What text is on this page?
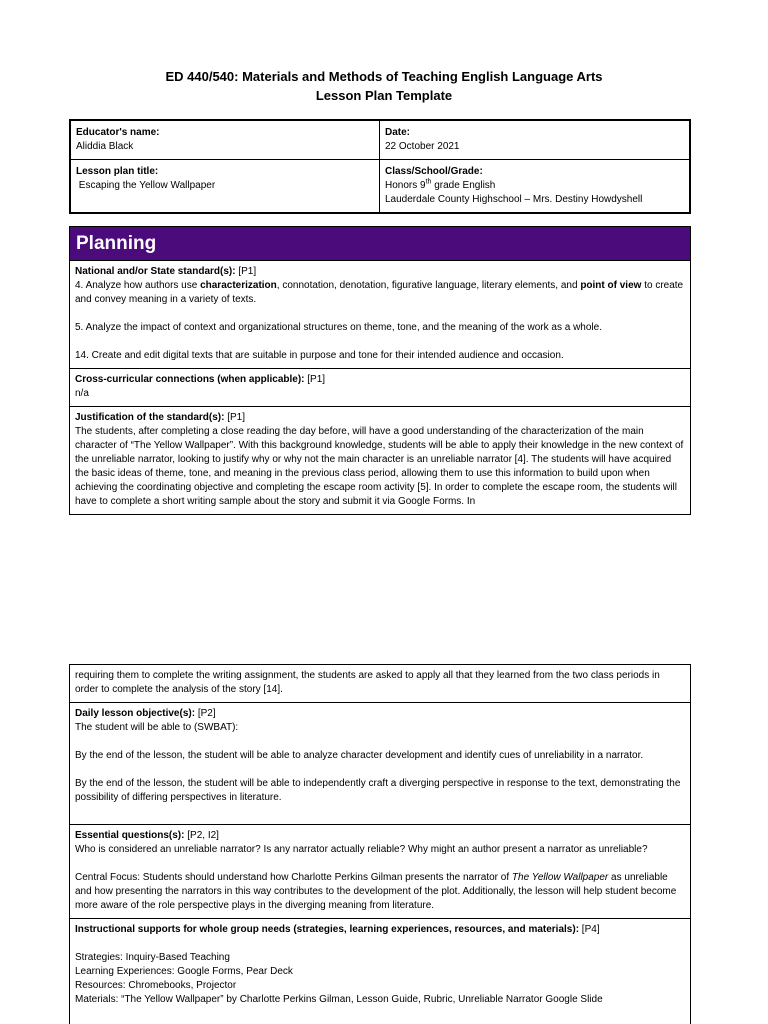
ED 440/540: Materials and Methods of Teaching English Language Arts
Lesson Plan Template
Educator's name:
Aliddia Black
Date:
22 October 2021
Lesson plan title:
Escaping the Yellow Wallpaper
Class/School/Grade:
Honors 9th grade English
Lauderdale County Highschool – Mrs. Destiny Howdyshell
Planning

National and/or State standard(s): [P1]

4. Analyze how authors use characterization, connotation, denotation, figurative language, literary elements, and point of view to create and convey meaning in a variety of texts.

5. Analyze the impact of context and organizational structures on theme, tone, and the meaning of the work as a whole.

14. Create and edit digital texts that are suitable in purpose and tone for their intended audience and occasion.

Cross-curricular connections (when applicable): [P1]

n/a

Justification of the standard(s): [P1]

The students, after completing a close reading the day before, will have a good understanding of the characterization of the main character of “The Yellow Wallpaper”. With this background knowledge, students will be able to apply their knowledge in the new context of the unreliable narrator, looking to justify why or why not the main character is an unreliable narrator [4]. The students will have acquired the basic ideas of theme, tone, and meaning in the previous class period, allowing them to use this information to build upon when achieving the coordinating objective and completing the escape room activity [5]. In order to complete the escape room, the students will have to complete a short writing sample about the story and submit it via Google Forms. In

requiring them to complete the writing assignment, the students are asked to apply all that they learned from the two class periods in order to complete the analysis of the story [14].

Daily lesson objective(s): [P2]

The student will be able to (SWBAT):

By the end of the lesson, the student will be able to analyze character development and identify cues of unreliability in a narrator.

By the end of the lesson, the student will be able to independently craft a diverging perspective in response to the text, demonstrating the possibility of differing perspectives in literature.

Essential questions(s): [P2, I2]

Who is considered an unreliable narrator? Is any narrator actually reliable? Why might an author present a narrator as unreliable?

Central Focus: Students should understand how Charlotte Perkins Gilman presents the narrator of The Yellow Wallpaper as unreliable and how presenting the narrators in this way contributes to the development of the plot. Additionally, the lesson will help student become more aware of the role perspective plays in the diverging meaning from literature.

Instructional supports for whole group needs (strategies, learning experiences, resources, and materials): [P4]

Strategies: Inquiry-Based Teaching

Learning Experiences: Google Forms, Pear Deck

Resources: Chromebooks, Projector

Materials: “The Yellow Wallpaper” by Charlotte Perkins Gilman, Lesson Guide, Rubric, Unreliable Narrator Google Slide
